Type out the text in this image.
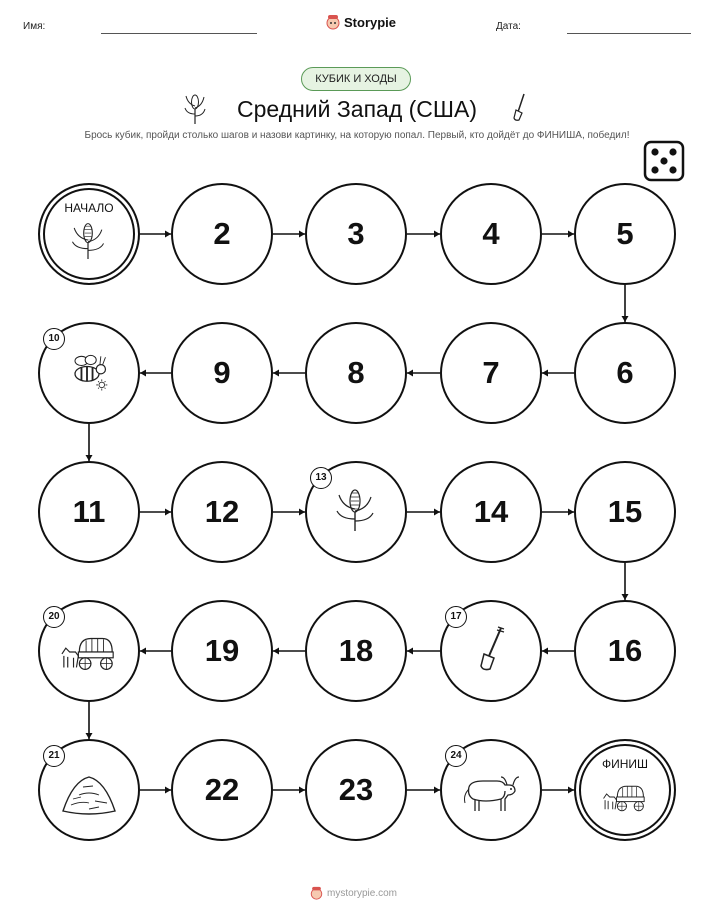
Имя:	Storypie	Дата:
КУБИК И ХОДЫ
Средний Запад (США)
Брось кубик, пройди столько шагов и назови картинку, на которую попал. Первый, кто дойдёт до ФИНИША, победил!
НАЧАЛО
2	3	4	5
6
7
8
9
10
11	12
13
14	15
16
17
18
19
20
21
22	23
24
ФИНИШ
mystorypie.com
